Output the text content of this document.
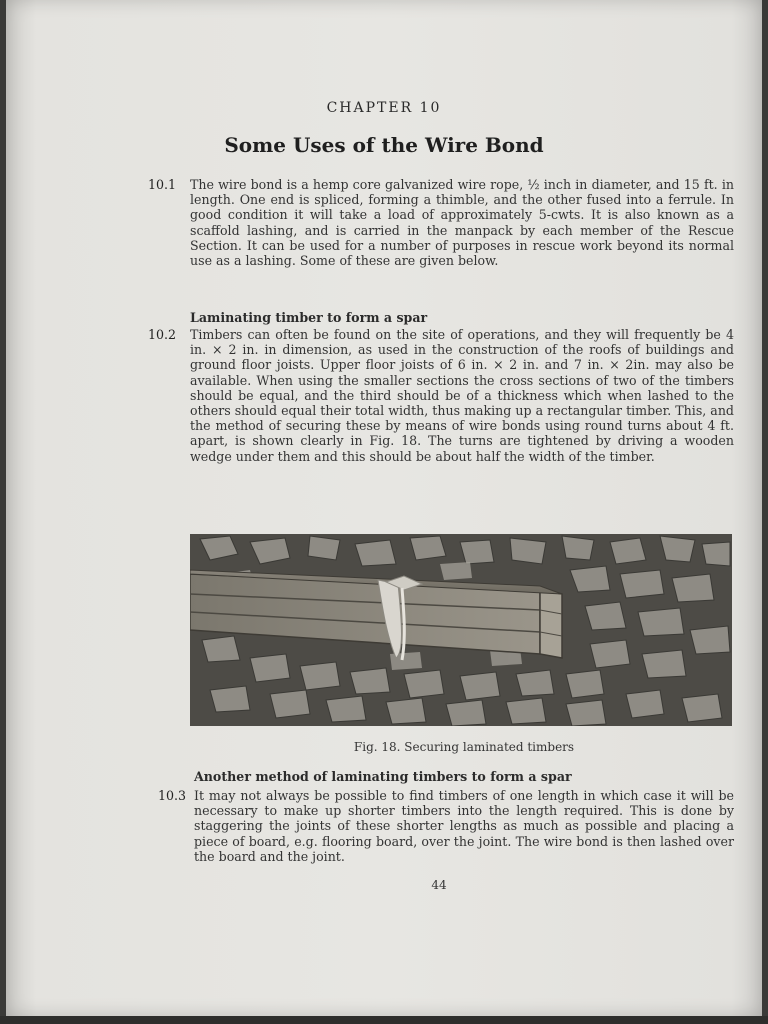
CHAPTER 10
Some Uses of the Wire Bond
10.1	The wire bond is a hemp core galvanized wire rope, ½ inch in diameter, and 15 ft. in length. One end is spliced, forming a thimble, and the other fused into a ferrule. In good condition it will take a load of approximately 5-cwts. It is also known as a scaffold lashing, and is carried in the manpack by each member of the Rescue Section. It can be used for a number of purposes in rescue work beyond its normal use as a lashing. Some of these are given below.
Laminating timber to form a spar
10.2	Timbers can often be found on the site of operations, and they will frequently be 4 in. × 2 in. in dimension, as used in the construction of the roofs of buildings and ground floor joists. Upper floor joists of 6 in. × 2 in. and 7 in. × 2in. may also be available. When using the smaller sections the cross sections of two of the timbers should be equal, and the third should be of a thickness which when lashed to the others should equal their total width, thus making up a rectangular timber. This, and the method of securing these by means of wire bonds using round turns about 4 ft. apart, is shown clearly in Fig. 18. The turns are tightened by driving a wooden wedge under them and this should be about half the width of the timber.
Fig. 18. Securing laminated timbers
Another method of laminating timbers to form a spar
10.3 It may not always be possible to find timbers of one length in which case it will be necessary to make up shorter timbers into the length required. This is done by staggering the joints of these shorter lengths as much as possible and placing a piece of board, e.g. flooring board, over the joint. The wire bond is then lashed over the board and the joint.
44
